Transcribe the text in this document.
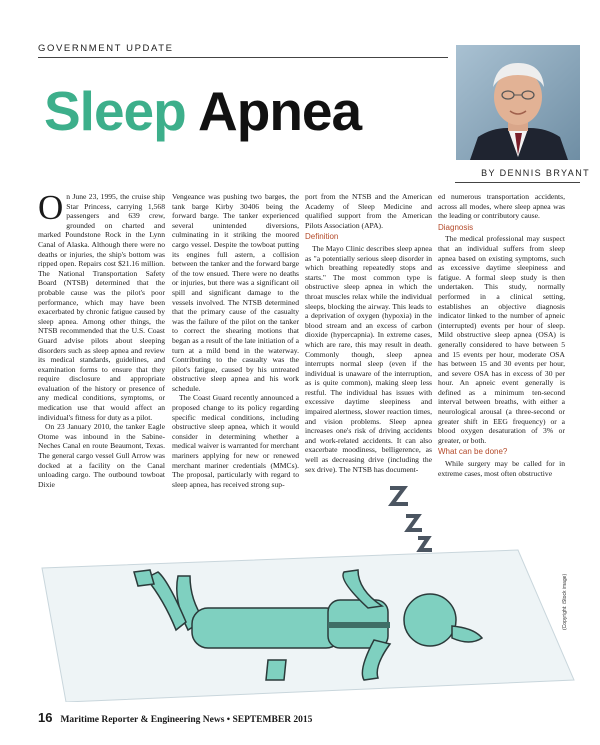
GOVERNMENT UPDATE
Sleep Apnea
BY DENNIS BRYANT

On June 23, 1995, the cruise ship Star Princess, carrying 1,568 passengers and 639 crew, grounded on charted and marked Poundstone Rock in the Lynn Canal of Alaska. Although there were no deaths or injuries, the ship's bottom was ripped open. Repairs cost $21.16 million. The National Transportation Safety Board (NTSB) determined that the probable cause was the pilot's poor performance, which may have been exacerbated by chronic fatigue caused by sleep apnea. Among other things, the NTSB recommended that the U.S. Coast Guard advise pilots about sleeping disorders such as sleep apnea and review its medical standards, guidelines, and examination forms to ensure that they require disclosure and appropriate evaluation of the history or presence of any medical conditions, symptoms, or medication use that would affect an individual's fitness for duty as a pilot.

On 23 January 2010, the tanker Eagle Otome was inbound in the Sabine-Neches Canal en route Beaumont, Texas. The general cargo vessel Gull Arrow was docked at a facility on the Canal unloading cargo. The outbound towboat Dixie

Vengeance was pushing two barges, the tank barge Kirby 30406 being the forward barge. The tanker experienced several unintended diversions, culminating in it striking the moored cargo vessel. Despite the towboat putting its engines full astern, a collision between the tanker and the forward barge of the tow ensued. There were no deaths or injuries, but there was a significant oil spill and significant damage to the vessels involved. The NTSB determined that the primary cause of the casualty was the failure of the pilot on the tanker to correct the shearing motions that began as a result of the late initiation of a turn at a mild bend in the waterway. Contributing to the casualty was the pilot's fatigue, caused by his untreated obstructive sleep apnea and his work schedule.

The Coast Guard recently announced a proposed change to its policy regarding specific medical conditions, including obstructive sleep apnea, which it would consider in determining whether a medical waiver is warranted for merchant mariners applying for new or renewed merchant mariner credentials (MMCs). The proposal, particularly with regard to sleep apnea, has received strong sup-

port from the NTSB and the American Academy of Sleep Medicine and qualified support from the American Pilots Association (APA).

Definition

The Mayo Clinic describes sleep apnea as "a potentially serious sleep disorder in which breathing repeatedly stops and starts." The most common type is obstructive sleep apnea in which the throat muscles relax while the individual sleeps, blocking the airway. This leads to a deprivation of oxygen (hypoxia) in the blood stream and an excess of carbon dioxide (hypercapnia). In extreme cases, which are rare, this may result in death. Commonly though, sleep apnea interrupts normal sleep (even if the individual is unaware of the interruption, as is quite common), making sleep less restful. The individual has issues with excessive daytime sleepiness and impaired alertness, slower reaction times, and vision problems. Sleep apnea increases one's risk of driving accidents and work-related accidents. It can also exacerbate moodiness, belligerence, as well as decreasing drive (including the sex drive). The NTSB has document-

ed numerous transportation accidents, across all modes, where sleep apnea was the leading or contributory cause.

Diagnosis

The medical professional may suspect that an individual suffers from sleep apnea based on existing symptoms, such as excessive daytime sleepiness and fatigue. A formal sleep study is then undertaken. This study, normally performed in a clinical setting, establishes an objective diagnosis indicator linked to the number of apneic (interrupted) events per hour of sleep. Mild obstructive sleep apnea (OSA) is generally considered to have between 5 and 15 events per hour, moderate OSA has between 15 and 30 events per hour, and severe OSA has in excess of 30 per hour. An apneic event generally is defined as a minimum ten-second interval between breaths, with either a neurological arousal (a three-second or greater shift in EEG frequency) or a blood oxygen desaturation of 3% or greater, or both.

What can be done?

While surgery may be called for in extreme cases, most often obstructive

(Copyright: iStock image)
16 Maritime Reporter & Engineering News • SEPTEMBER 2015
